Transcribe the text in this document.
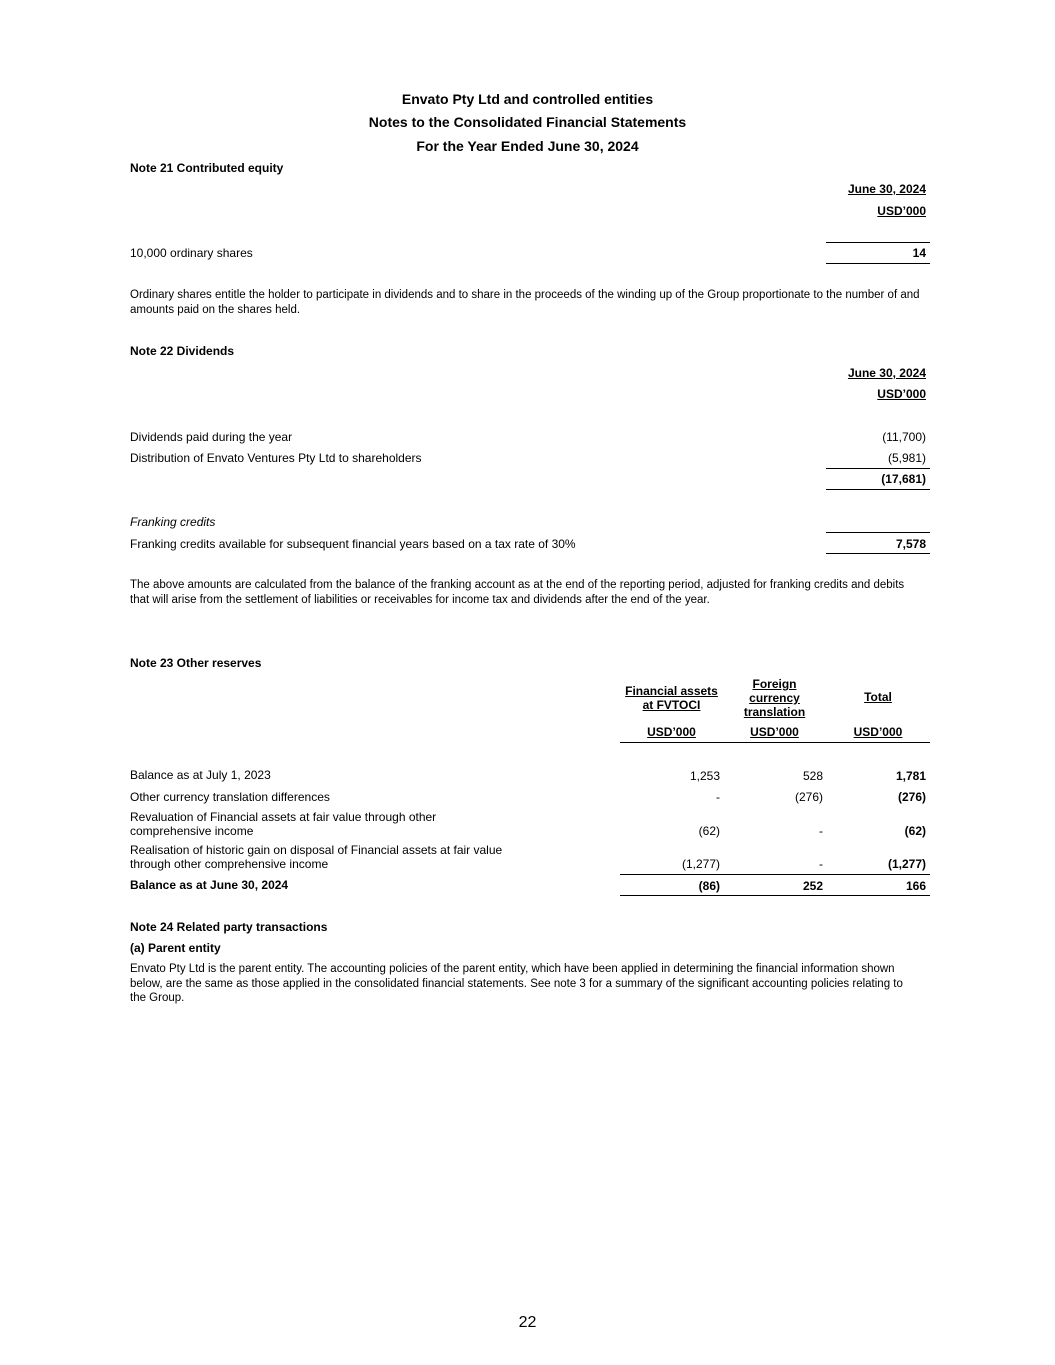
Envato Pty Ltd and controlled entities
Notes to the Consolidated Financial Statements
For the Year Ended June 30, 2024
Note 21 Contributed equity
June 30, 2024
USD’000
10,000 ordinary shares	14
Ordinary shares entitle the holder to participate in dividends and to share in the proceeds of the winding up of the Group proportionate to the number of and amounts paid on the shares held.
Note 22 Dividends
June 30, 2024
USD’000
Dividends paid during the year	(11,700)
Distribution of Envato Ventures Pty Ltd to shareholders	(5,981)
(17,681)
Franking credits
Franking credits available for subsequent financial years based on a tax rate of 30%	7,578
The above amounts are calculated from the balance of the franking account as at the end of the reporting period, adjusted for franking credits and debits that will arise from the settlement of liabilities or receivables for income tax and dividends after the end of the year.
Note 23 Other reserves
Financial assets
at FVTOCI
Foreign
currency
translation
Total
USD’000	USD’000	USD’000
Balance as at July 1, 2023	1,253	528	1,781
Other currency translation differences	-	(276)	(276)
Revaluation of Financial assets at fair value through other
comprehensive income	(62)	-	(62)
Realisation of historic gain on disposal of Financial assets at fair value
through other comprehensive income	(1,277)	-	(1,277)
Balance as at June 30, 2024	(86)	252	166
Note 24 Related party transactions
(a) Parent entity
Envato Pty Ltd is the parent entity. The accounting policies of the parent entity, which have been applied in determining the financial information shown below, are the same as those applied in the consolidated financial statements. See note 3 for a summary of the significant accounting policies relating to the Group.
22
